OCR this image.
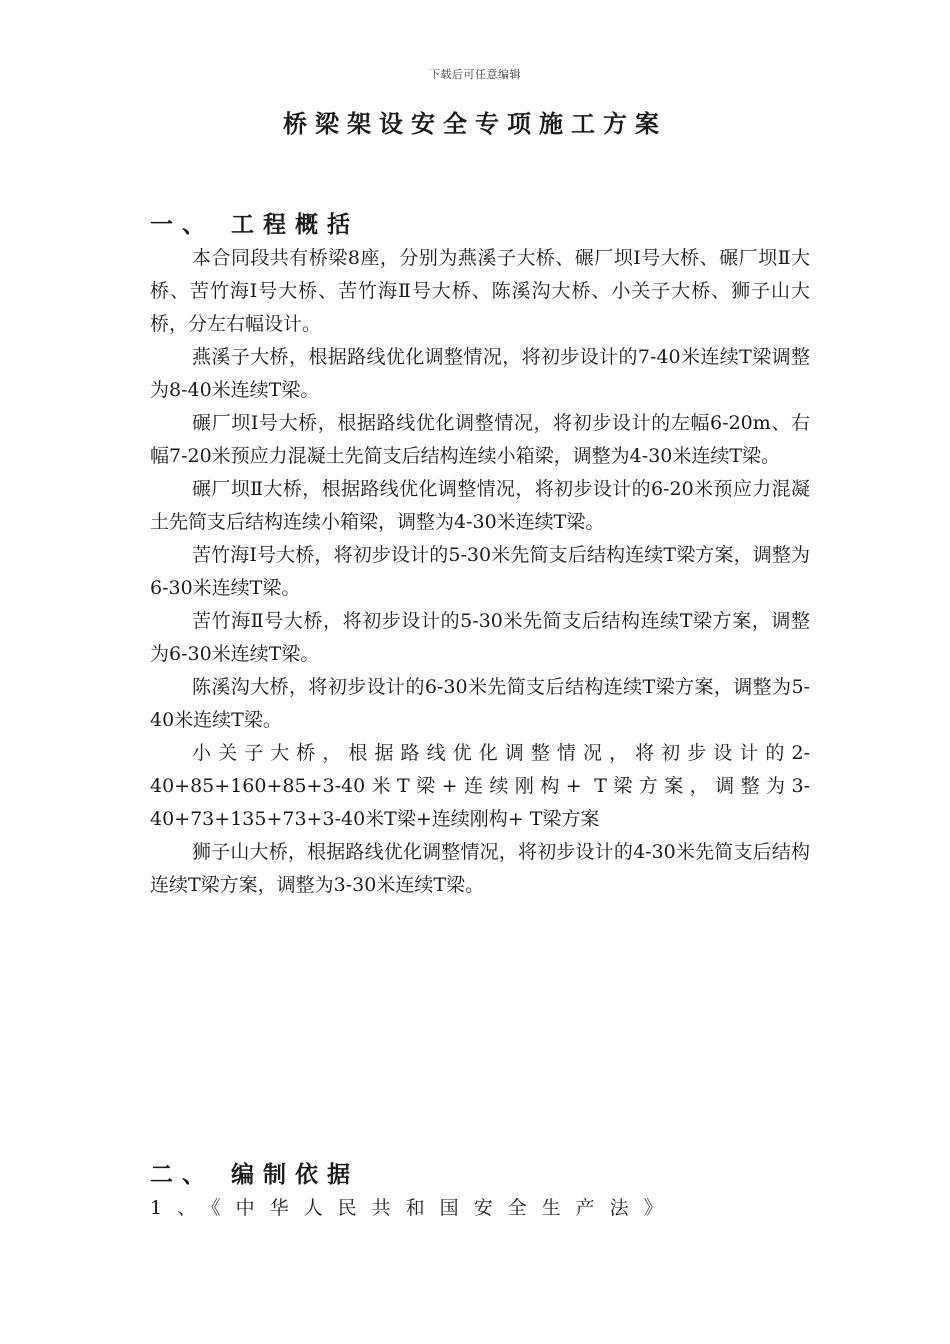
下载后可任意编辑
桥梁架设安全专项施工方案
一、 工程概括

本合同段共有桥梁8座，分别为燕溪子大桥、碾厂坝Ⅰ号大桥、碾厂坝Ⅱ大桥、苦竹海Ⅰ号大桥、苦竹海Ⅱ号大桥、陈溪沟大桥、小关子大桥、狮子山大桥，分左右幅设计。

燕溪子大桥，根据路线优化调整情况，将初步设计的7-40米连续T梁调整为8-40米连续T梁。

碾厂坝Ⅰ号大桥，根据路线优化调整情况，将初步设计的左幅6-20m、右幅7-20米预应力混凝土先简支后结构连续小箱梁，调整为4-30米连续T梁。

碾厂坝Ⅱ大桥，根据路线优化调整情况，将初步设计的6-20米预应力混凝土先简支后结构连续小箱梁，调整为4-30米连续T梁。

苦竹海Ⅰ号大桥，将初步设计的5-30米先简支后结构连续T梁方案，调整为6-30米连续T梁。

苦竹海Ⅱ号大桥，将初步设计的5-30米先简支后结构连续T梁方案，调整为6-30米连续T梁。

陈溪沟大桥，将初步设计的6-30米先简支后结构连续T梁方案，调整为5-40米连续T梁。

小关子大桥，根据路线优化调整情况，将初步设计的2-40+85+160+85+3-40米T梁+连续刚构+ T梁方案，调整为3-40+73+135+73+3-40米T梁+连续刚构+ T梁方案

狮子山大桥，根据路线优化调整情况，将初步设计的4-30米先简支后结构连续T梁方案，调整为3-30米连续T梁。

二、 编制依据
1、《中华人民共和国安全生产法》
